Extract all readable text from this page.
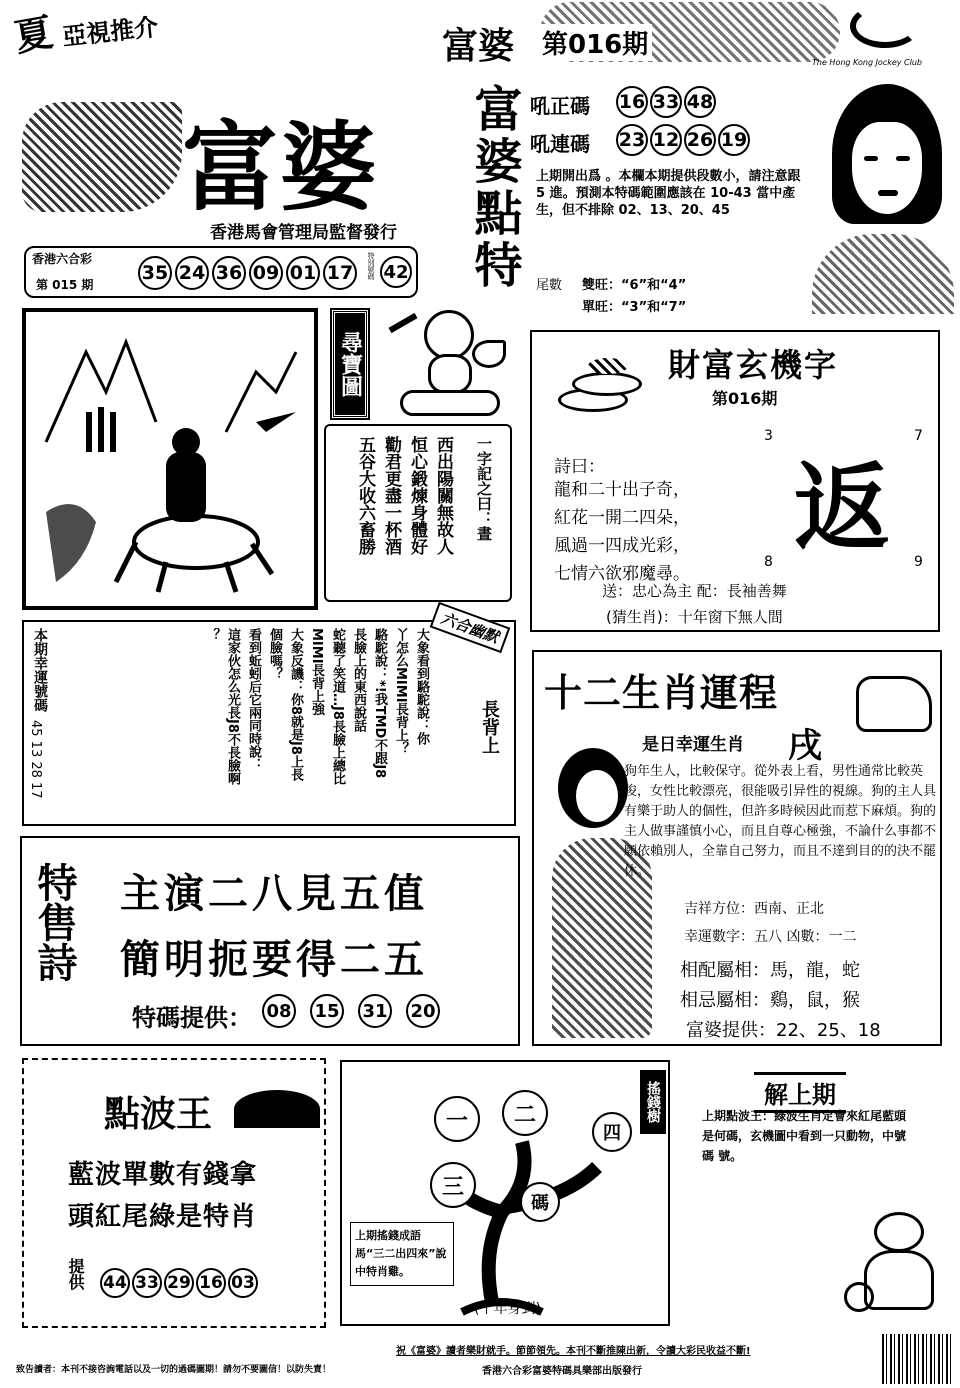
夏 亞視推介	富婆 第016期
The Hong Kong Jockey Club
富婆
香港馬會管理局監督發行
香港六合彩
第 015 期
35 24 36 09 01 17	特別號碼 42 富婆點特 吼正碼 16 33 48
吼連碼 23 12 26 19
上期開出爲 。本欄本期提供段數小，請注意跟 5 進。預測本特碼範圍應該在 10-43 當中產生，但不排除 02、13、20、45
尾數 雙旺：“6”和“4”
單旺：“3”和“7”
尋寶圖
西出陽關無故人
恒心鍛煉身體好
勸君更盡一杯酒
五谷大收六畜勝	一字記之曰：晝
財富玄機字
第016期
詩曰：
龍和二十出子奇，
紅花一開二四朵，
風過一四成光彩，
七情六欲邪魔尋。
3	7
返
8	9
送：忠心為主 配：長袖善舞
(猜生肖)：十年窗下無人間
本期幸運號碼
45 13 28 17
大象看到駱駝說：你
丫怎么MIMI長背上？
駱駝說：*!我TMD不跟J8
長臉上的東西說話
蛇聽了笑道…J8長臉上總比
MIMI長背上強
大象反譏：你8就是J8上長
個臉嗎？
看到蚯蚓后它兩同時說：
這家伙怎么光長J8不長臉啊
？	六合幽默
長背上
十二生肖運程
是日幸運生肖 戌
狗年生人，比較保守。從外表上看，男性通常比較英俊，女性比較漂亮，很能吸引异性的視線。狗的主人具有樂于助人的個性，但許多時候因此而惹下麻煩。狗的主人做事謹慎小心，而且自尊心極強，不論什么事都不願依賴別人，全靠自己努力，而且不達到目的的決不罷休。
吉祥方位：西南、正北
幸運數字：五八 凶數：一二
相配屬相：馬，龍，蛇
相忌屬相：鷄，鼠，猴
富婆提供：22、25、18
特售詩 主演二八見五值
簡明扼要得二五
特碼提供： 08 15 31 20
點波王
藍波單數有錢拿
頭紅尾綠是特肖
提供 44 33 29 16 03
一	二
三
四
碼
搖錢樹
上期搖錢成語馬“三二出四來”說中特肖雞。
(十年身到)
解上期
上期點波王：綠波生肖定會來紅尾藍頭是何碼，玄機圖中看到一只動物，中號碼 號。
祝《富婆》讀者樂財就手。節節領先。本刊不斷推陳出新，令讀大彩民收益不斷!
致告讀者：本刊不接咨詢電話以及一切的過碼圖期！請勿不要圖信！以防失責！	香港六合彩富婆特碼具樂部出版發行
